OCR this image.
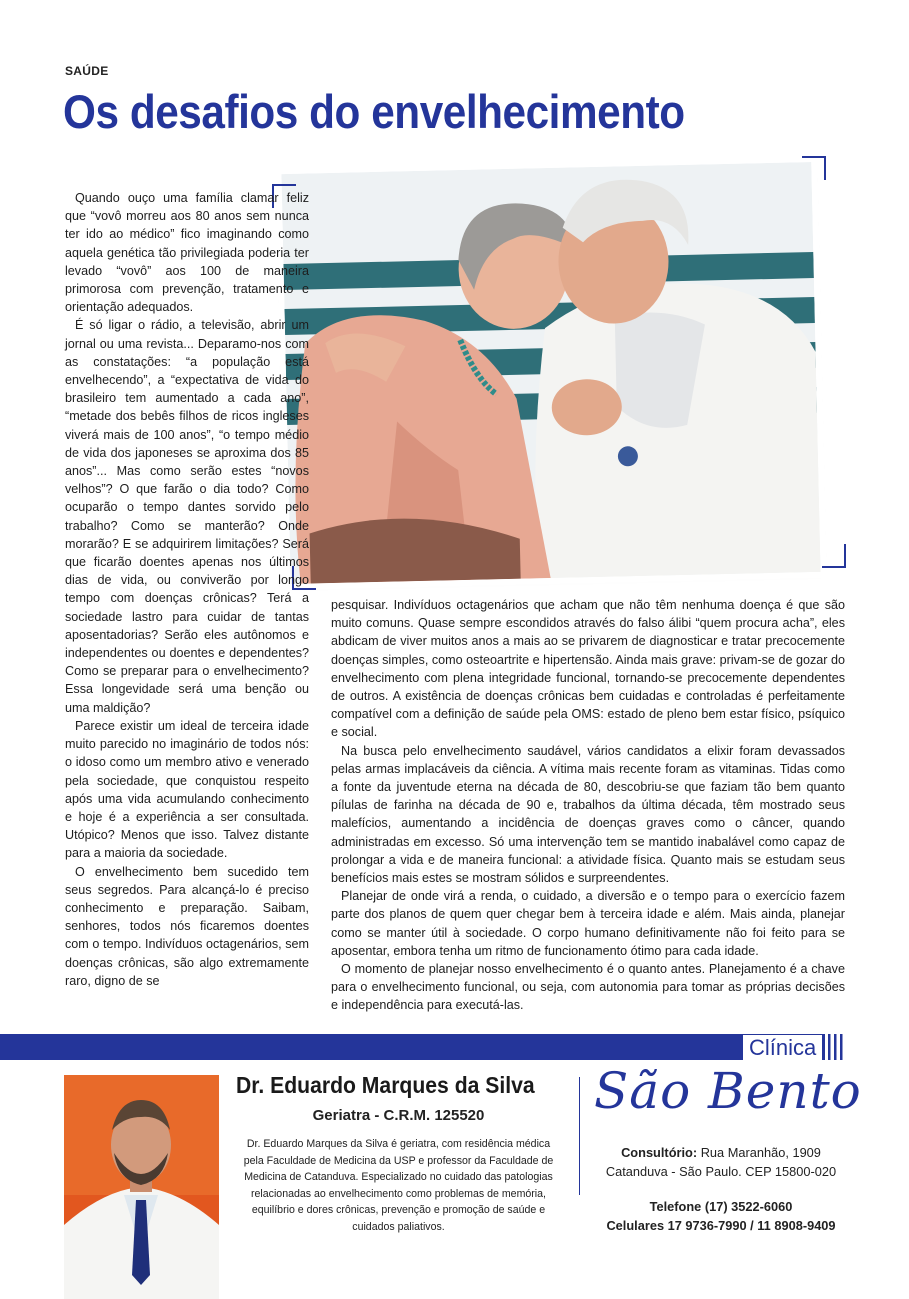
SAÚDE
Os desafios do envelhecimento

Quando ouço uma família clamar feliz que “vovô morreu aos 80 anos sem nunca ter ido ao médico” fico imaginando como aquela genética tão privilegiada poderia ter levado “vovô” aos 100 de maneira primorosa com prevenção, tratamento e orientação adequados.

É só ligar o rádio, a televisão, abrir um jornal ou uma revista... Deparamo-nos com as constatações: “a população está envelhecendo”, a “expectativa de vida do brasileiro tem aumentado a cada ano”, “metade dos bebês filhos de ricos ingleses viverá mais de 100 anos”, “o tempo médio de vida dos japoneses se aproxima dos 85 anos”... Mas como serão estes “novos velhos”? O que farão o dia todo? Como ocuparão o tempo dantes sorvido pelo trabalho? Como se manterão? Onde morarão? E se adquirirem limitações? Será que ficarão doentes apenas nos últimos dias de vida, ou conviverão por longo tempo com doenças crônicas? Terá a sociedade lastro para cuidar de tantas aposentadorias? Serão eles autônomos e independentes ou doentes e dependentes? Como se preparar para o envelhecimento? Essa longevidade será uma benção ou uma maldição?

Parece existir um ideal de terceira idade muito parecido no imaginário de todos nós: o idoso como um membro ativo e venerado pela sociedade, que conquistou respeito após uma vida acumulando conhecimento e hoje é a experiência a ser consultada. Utópico? Menos que isso. Talvez distante para a maioria da sociedade.

O envelhecimento bem sucedido tem seus segredos. Para alcançá-lo é preciso conhecimento e preparação. Saibam, senhores, todos nós ficaremos doentes com o tempo. Indivíduos octagenários, sem doenças crônicas, são algo extremamente raro, digno de se

pesquisar. Indivíduos octagenários que acham que não têm nenhuma doença é que são muito comuns. Quase sempre escondidos através do falso álibi “quem procura acha”, eles abdicam de viver muitos anos a mais ao se privarem de diagnosticar e tratar precocemente doenças simples, como osteoartrite e hipertensão. Ainda mais grave: privam-se de gozar do envelhecimento com plena integridade funcional, tornando-se precocemente dependentes de outros. A existência de doenças crônicas bem cuidadas e controladas é perfeitamente compatível com a definição de saúde pela OMS: estado de pleno bem estar físico, psíquico e social.

Na busca pelo envelhecimento saudável, vários candidatos a elixir foram devassados pelas armas implacáveis da ciência. A vítima mais recente foram as vitaminas. Tidas como a fonte da juventude eterna na década de 80, descobriu-se que faziam tão bem quanto pílulas de farinha na década de 90 e, trabalhos da última década, têm mostrado seus malefícios, aumentando a incidência de doenças graves como o câncer, quando administradas em excesso. Só uma intervenção tem se mantido inabalável como capaz de prolongar a vida e de maneira funcional: a atividade física. Quanto mais se estudam seus benefícios mais estes se mostram sólidos e surpreendentes.

Planejar de onde virá a renda, o cuidado, a diversão e o tempo para o exercício fazem parte dos planos de quem quer chegar bem à terceira idade e além. Mais ainda, planejar como se manter útil à sociedade. O corpo humano definitivamente não foi feito para se aposentar, embora tenha um ritmo de funcionamento ótimo para cada idade.

O momento de planejar nosso envelhecimento é o quanto antes. Planejamento é a chave para o envelhecimento funcional, ou seja, com autonomia para tomar as próprias decisões e independência para executá-las.

Clínica
Dr. Eduardo Marques da Silva
Geriatra - C.R.M. 125520
Dr. Eduardo Marques da Silva é geriatra, com residência médica pela Faculdade de Medicina da USP e professor da Faculdade de Medicina de Catanduva. Especializado no cuidado das patologias relacionadas ao envelhecimento como problemas de memória, equilíbrio e dores crônicas, prevenção e promoção de saúde e cuidados paliativos.
São Bento
Consultório: Rua Maranhão, 1909
Catanduva - São Paulo. CEP 15800-020
Telefone (17) 3522-6060
Celulares 17 9736-7990 / 11 8908-9409
